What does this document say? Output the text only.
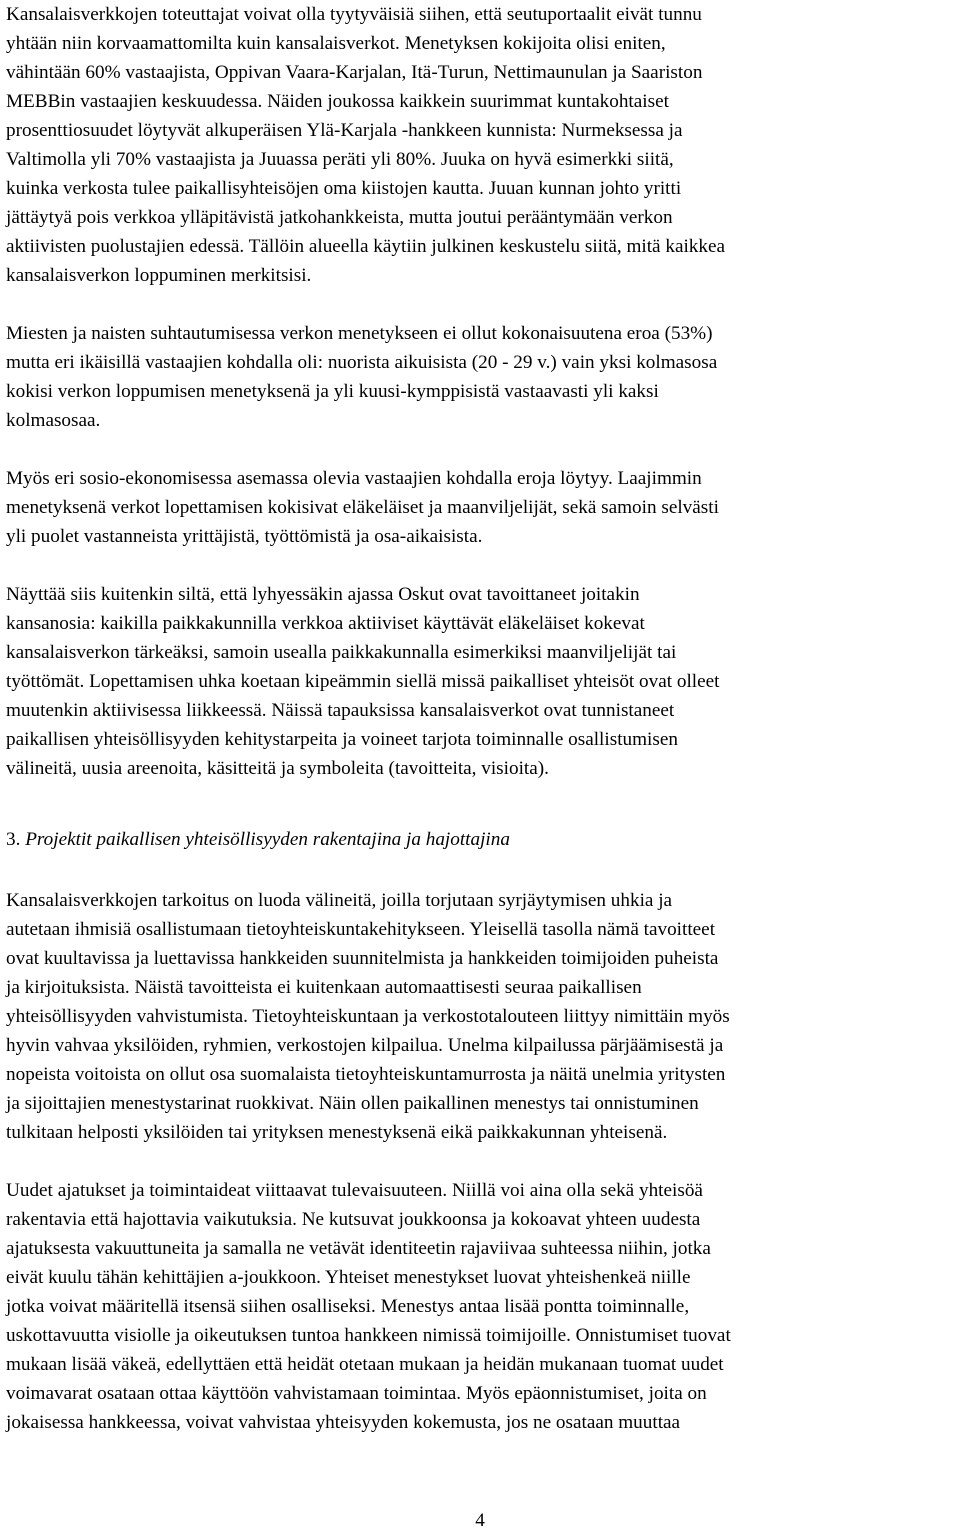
Kansalaisverkkojen toteuttajat voivat olla tyytyväisiä siihen, että seutuportaalit eivät tunnu
yhtään niin korvaamattomilta kuin kansalaisverkot. Menetyksen kokijoita olisi eniten,
vähintään 60% vastaajista, Oppivan Vaara-Karjalan, Itä-Turun, Nettimaunulan ja Saariston
MEBBin vastaajien keskuudessa. Näiden joukossa kaikkein suurimmat kuntakohtaiset
prosenttiosuudet löytyvät alkuperäisen Ylä-Karjala -hankkeen kunnista: Nurmeksessa ja
Valtimolla yli 70% vastaajista ja Juuassa peräti yli 80%. Juuka on hyvä esimerkki siitä,
kuinka verkosta tulee paikallisyhteisöjen oma kiistojen kautta. Juuan kunnan johto yritti
jättäytyä pois verkkoa ylläpitävistä jatkohankkeista, mutta joutui perääntymään verkon
aktiivisten puolustajien edessä. Tällöin alueella käytiin julkinen keskustelu siitä, mitä kaikkea
kansalaisverkon loppuminen merkitsisi.

Miesten ja naisten suhtautumisessa verkon menetykseen ei ollut kokonaisuutena eroa (53%)
mutta eri ikäisillä vastaajien kohdalla oli: nuorista aikuisista (20 - 29 v.) vain yksi kolmasosa
kokisi verkon loppumisen menetyksenä ja yli kuusi-kymppisistä vastaavasti yli kaksi
kolmasosaa.

Myös eri sosio-ekonomisessa asemassa olevia vastaajien kohdalla eroja löytyy. Laajimmin
menetyksenä verkot lopettamisen kokisivat eläkeläiset ja maanviljelijät, sekä samoin selvästi
yli puolet vastanneista yrittäjistä, työttömistä ja osa-aikaisista.

Näyttää siis kuitenkin siltä, että lyhyessäkin ajassa Oskut ovat tavoittaneet joitakin
kansanosia: kaikilla paikkakunnilla verkkoa aktiiviset käyttävät eläkeläiset kokevat
kansalaisverkon tärkeäksi, samoin usealla paikkakunnalla esimerkiksi maanviljelijät tai
työttömät. Lopettamisen uhka koetaan kipeämmin siellä missä paikalliset yhteisöt ovat olleet
muutenkin aktiivisessa liikkeessä. Näissä tapauksissa kansalaisverkot ovat tunnistaneet
paikallisen yhteisöllisyyden kehitystarpeita ja voineet tarjota toiminnalle osallistumisen
välineitä, uusia areenoita, käsitteitä ja symboleita (tavoitteita, visioita).

3. Projektit paikallisen yhteisöllisyyden rakentajina ja hajottajina

Kansalaisverkkojen tarkoitus on luoda välineitä, joilla torjutaan syrjäytymisen uhkia ja
autetaan ihmisiä osallistumaan tietoyhteiskuntakehitykseen. Yleisellä tasolla nämä tavoitteet
ovat kuultavissa ja luettavissa hankkeiden suunnitelmista ja hankkeiden toimijoiden puheista
ja kirjoituksista. Näistä tavoitteista ei kuitenkaan automaattisesti seuraa paikallisen
yhteisöllisyyden vahvistumista. Tietoyhteiskuntaan ja verkostotalouteen liittyy nimittäin myös
hyvin vahvaa yksilöiden, ryhmien, verkostojen kilpailua. Unelma kilpailussa pärjäämisestä ja
nopeista voitoista on ollut osa suomalaista tietoyhteiskuntamurrosta ja näitä unelmia yritysten
ja sijoittajien menestystarinat ruokkivat. Näin ollen paikallinen menestys tai onnistuminen
tulkitaan helposti yksilöiden tai yrityksen menestyksenä eikä paikkakunnan yhteisenä.

Uudet ajatukset ja toimintaideat viittaavat tulevaisuuteen. Niillä voi aina olla sekä yhteisöä
rakentavia että hajottavia vaikutuksia. Ne kutsuvat joukkoonsa ja kokoavat yhteen uudesta
ajatuksesta vakuuttuneita ja samalla ne vetävät identiteetin rajaviivaa suhteessa niihin, jotka
eivät kuulu tähän kehittäjien a-joukkoon. Yhteiset menestykset luovat yhteishenkeä niille
jotka voivat määritellä itsensä siihen osalliseksi. Menestys antaa lisää pontta toiminnalle,
uskottavuutta visiolle ja oikeutuksen tuntoa hankkeen nimissä toimijoille. Onnistumiset tuovat
mukaan lisää väkeä, edellyttäen että heidät otetaan mukaan ja heidän mukanaan tuomat uudet
voimavarat osataan ottaa käyttöön vahvistamaan toimintaa. Myös epäonnistumiset, joita on
jokaisessa hankkeessa, voivat vahvistaa yhteisyyden kokemusta, jos ne osataan muuttaa

4
